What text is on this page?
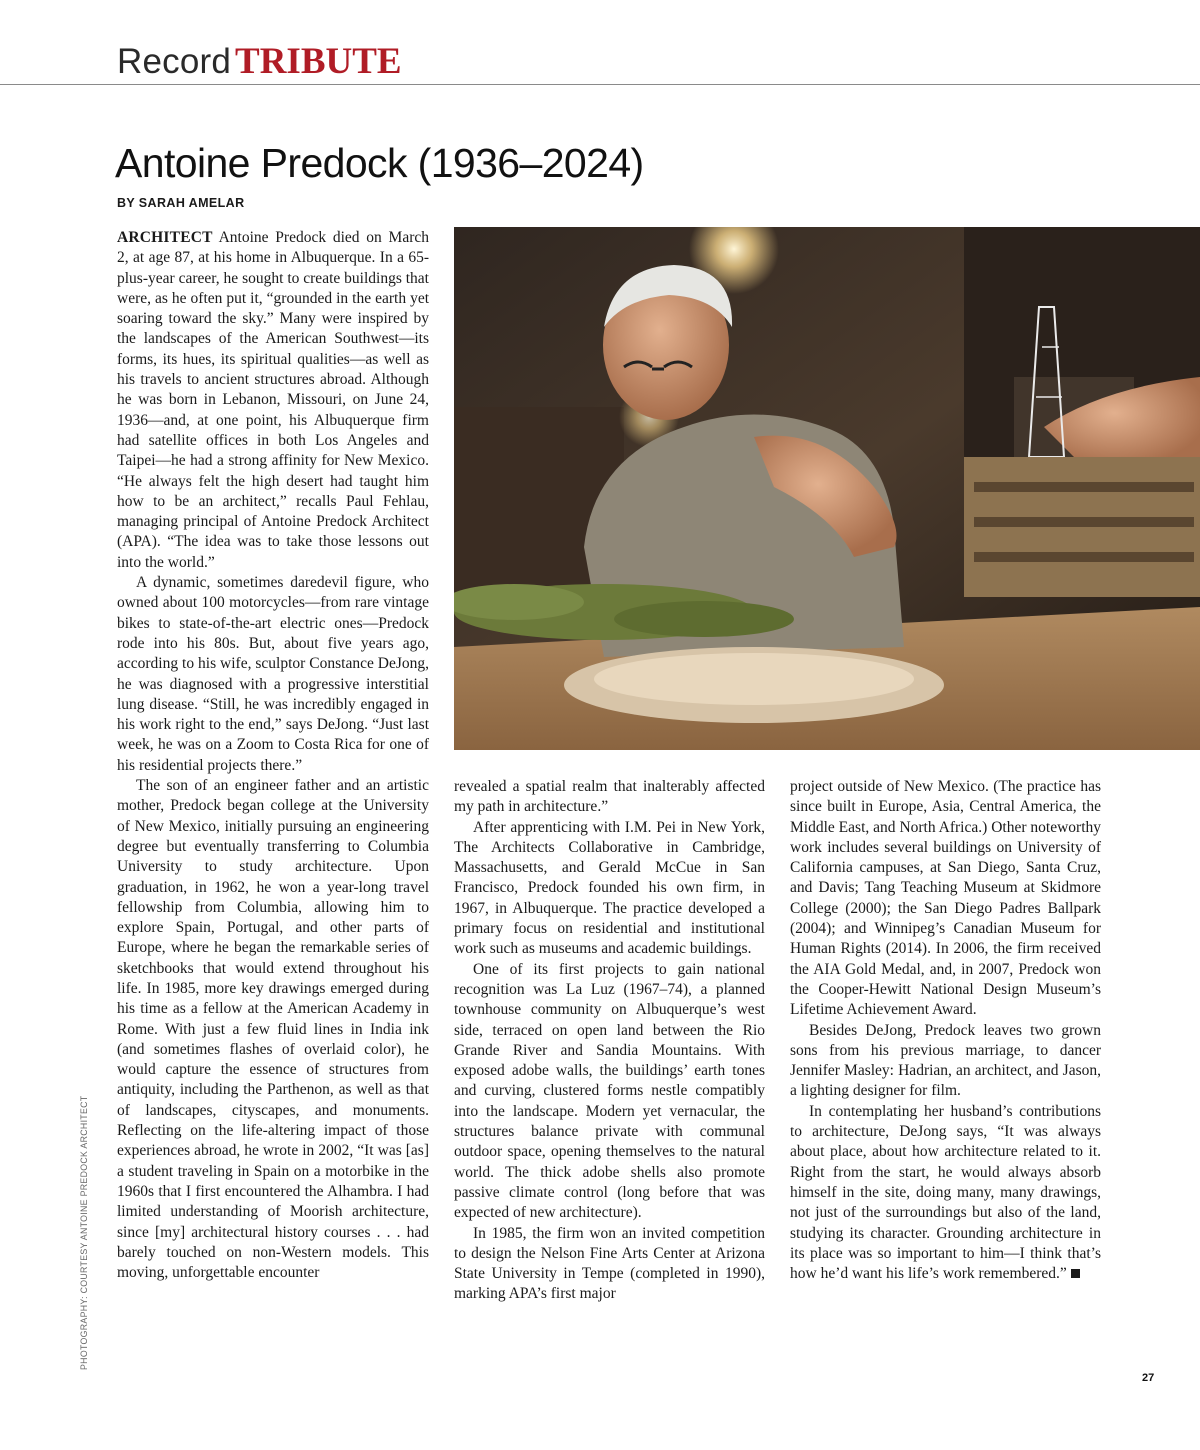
Record TRIBUTE
Antoine Predock (1936–2024)
BY SARAH AMELAR

ARCHITECT Antoine Predock died on March 2, at age 87, at his home in Albuquerque. In a 65-plus-year career, he sought to create buildings that were, as he often put it, “grounded in the earth yet soaring toward the sky.” Many were inspired by the landscapes of the American Southwest—its forms, its hues, its spiritual qualities—as well as his travels to ancient structures abroad. Although he was born in Lebanon, Missouri, on June 24, 1936—and, at one point, his Albuquerque firm had satellite offices in both Los Angeles and Taipei—he had a strong affinity for New Mexico. “He always felt the high desert had taught him how to be an architect,” recalls Paul Fehlau, managing principal of Antoine Predock Architect (APA). “The idea was to take those lessons out into the world.”

A dynamic, sometimes daredevil figure, who owned about 100 motorcycles—from rare vintage bikes to state-of-the-art electric ones—Predock rode into his 80s. But, about five years ago, according to his wife, sculptor Constance DeJong, he was diagnosed with a progressive interstitial lung disease. “Still, he was incredibly engaged in his work right to the end,” says DeJong. “Just last week, he was on a Zoom to Costa Rica for one of his residential projects there.”

The son of an engineer father and an artistic mother, Predock began college at the University of New Mexico, initially pursuing an engineering degree but eventually transferring to Columbia University to study architecture. Upon graduation, in 1962, he won a year-long travel fellowship from Columbia, allowing him to explore Spain, Portugal, and other parts of Europe, where he began the remarkable series of sketchbooks that would extend throughout his life. In 1985, more key drawings emerged during his time as a fellow at the American Academy in Rome. With just a few fluid lines in India ink (and sometimes flashes of overlaid color), he would capture the essence of structures from antiquity, including the Parthenon, as well as that of landscapes, cityscapes, and monuments. Reflecting on the life-altering impact of those experiences abroad, he wrote in 2002, “It was [as] a student traveling in Spain on a motorbike in the 1960s that I first encountered the Alhambra. I had limited understanding of Moorish architecture, since [my] architectural history courses . . . had barely touched on non-Western models. This moving, unforgettable encounter

revealed a spatial realm that inalterably affected my path in architecture.”

After apprenticing with I.M. Pei in New York, The Architects Collaborative in Cambridge, Massachusetts, and Gerald McCue in San Francisco, Predock founded his own firm, in 1967, in Albuquerque. The practice developed a primary focus on residential and institutional work such as museums and academic buildings.

One of its first projects to gain national recognition was La Luz (1967–74), a planned townhouse community on Albuquerque’s west side, terraced on open land between the Rio Grande River and Sandia Mountains. With exposed adobe walls, the buildings’ earth tones and curving, clustered forms nestle compatibly into the landscape. Modern yet vernacular, the structures balance private with communal outdoor space, opening themselves to the natural world. The thick adobe shells also promote passive climate control (long before that was expected of new architecture).

In 1985, the firm won an invited competition to design the Nelson Fine Arts Center at Arizona State University in Tempe (completed in 1990), marking APA’s first major

project outside of New Mexico. (The practice has since built in Europe, Asia, Central America, the Middle East, and North Africa.) Other noteworthy work includes several buildings on University of California campuses, at San Diego, Santa Cruz, and Davis; Tang Teaching Museum at Skidmore College (2000); the San Diego Padres Ballpark (2004); and Winnipeg’s Canadian Museum for Human Rights (2014). In 2006, the firm received the AIA Gold Medal, and, in 2007, Predock won the Cooper-Hewitt National Design Museum’s Lifetime Achievement Award.

Besides DeJong, Predock leaves two grown sons from his previous marriage, to dancer Jennifer Masley: Hadrian, an architect, and Jason, a lighting designer for film.

In contemplating her husband’s contributions to architecture, DeJong says, “It was always about place, about how architecture related to it. Right from the start, he would always absorb himself in the site, doing many, many drawings, not just of the surroundings but also of the land, studying its character. Grounding architecture in its place was so important to him—I think that’s how he’d want his life’s work remembered.”

PHOTOGRAPHY: COURTESY ANTOINE PREDOCK ARCHITECT
27
